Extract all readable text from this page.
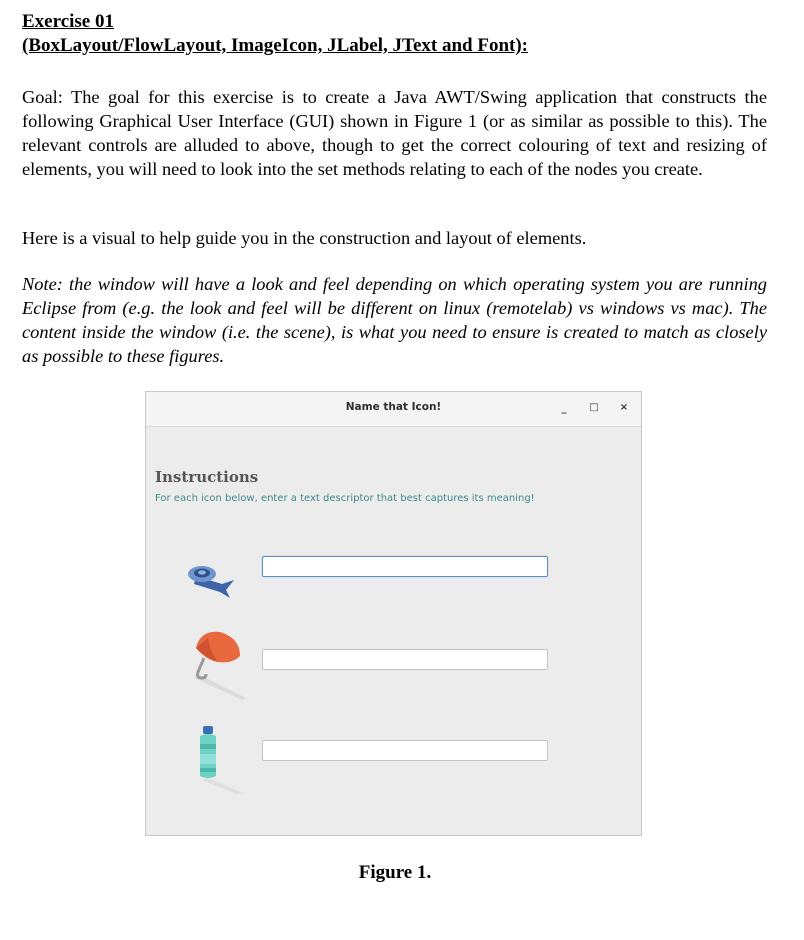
Exercise 01
(BoxLayout/FlowLayout, ImageIcon, JLabel, JText and Font):

Goal: The goal for this exercise is to create a Java AWT/Swing application that constructs the following Graphical User Interface (GUI) shown in Figure 1 (or as similar as possible to this). The relevant controls are alluded to above, though to get the correct colouring of text and resizing of elements, you will need to look into the set methods relating to each of the nodes you create.

Here is a visual to help guide you in the construction and layout of elements.

Note: the window will have a look and feel depending on which operating system you are running Eclipse from (e.g. the look and feel will be different on linux (remotelab) vs windows vs mac). The content inside the window (i.e. the scene), is what you need to ensure is created to match as closely as possible to these figures.

Name that Icon!	_	□ ×
Instructions
For each icon below, enter a text descriptor that best captures its meaning!
Figure 1.
